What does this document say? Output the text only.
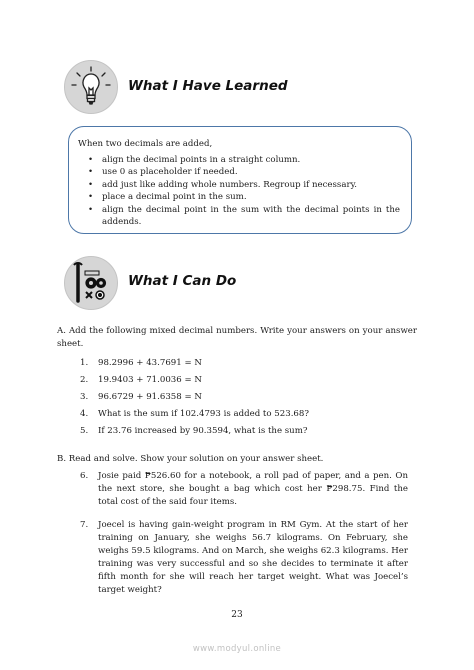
What I Have Learned
When two decimals are added,
• align the decimal points in a straight column.
• use 0 as placeholder if needed.
• add just like adding whole numbers. Regroup if necessary.
• place a decimal point in the sum.
• align the decimal point in the sum with the decimal points in the addends.
What I Can Do
A. Add the following mixed decimal numbers. Write your answers on your answer sheet.
1. 98.2996 + 43.7691 = N
2. 19.9403 + 71.0036 = N
3. 96.6729 + 91.6358 = N
4. What is the sum if 102.4793 is added to 523.68?
5. If 23.76 increased by 90.3594, what is the sum?
B. Read and solve. Show your solution on your answer sheet.
6. Josie paid ₱526.60 for a notebook, a roll pad of paper, and a pen. On the next store, she bought a bag which cost her ₱298.75. Find the total cost of the said four items.
7. Joecel is having gain-weight program in RM Gym. At the start of her training on January, she weighs 56.7 kilograms. On February, she weighs 59.5 kilograms. And on March, she weighs 62.3 kilograms. Her training was very successful and so she decides to terminate it after fifth month for she will reach her target weight. What was Joecel’s target weight?
23
www.modyul.online
